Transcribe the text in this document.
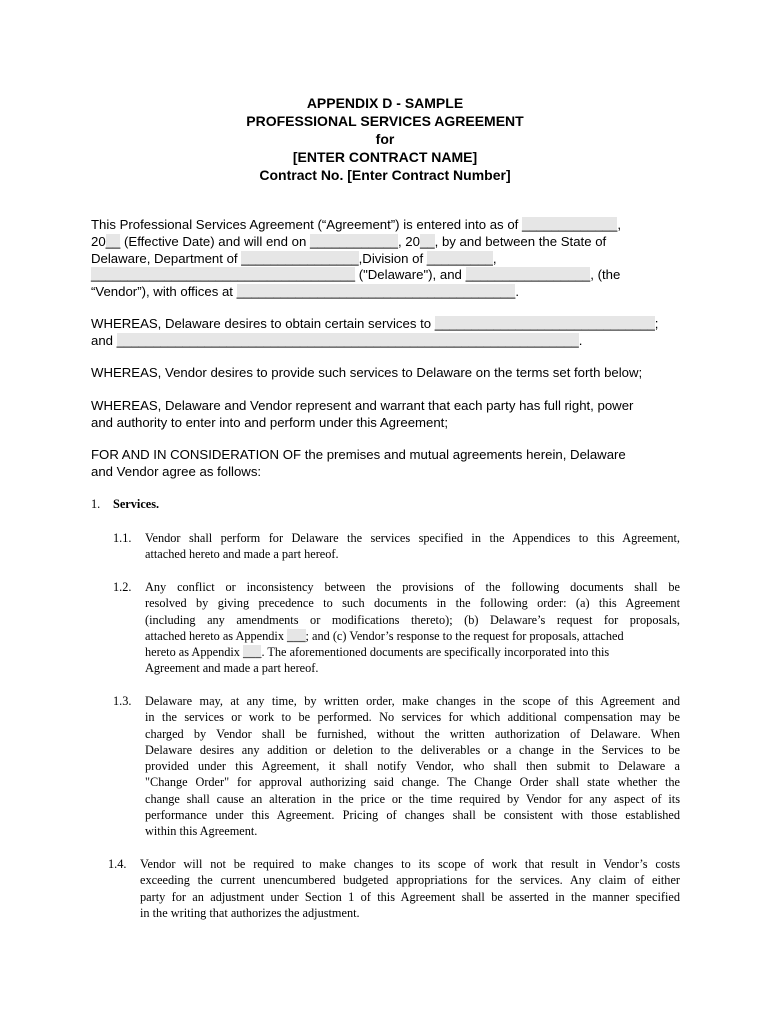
APPENDIX D - SAMPLE
PROFESSIONAL SERVICES AGREEMENT
for
[ENTER CONTRACT NAME]
Contract No. [Enter Contract Number]
This Professional Services Agreement (“Agreement”) is entered into as of _____________,
20__ (Effective Date) and will end on ____________, 20__, by and between the State of
Delaware, Department of ________________,Division of _________,
____________________________________ ("Delaware"), and _________________, (the
“Vendor”), with offices at ______________________________________.
WHEREAS, Delaware desires to obtain certain services to ______________________________;
and _______________________________________________________________.
WHEREAS, Vendor desires to provide such services to Delaware on the terms set forth below;
WHEREAS, Delaware and Vendor represent and warrant that each party has full right, power
and authority to enter into and perform under this Agreement;
FOR AND IN CONSIDERATION OF the premises and mutual agreements herein, Delaware
and Vendor agree as follows:
1. Services.
1.1. Vendor shall perform for Delaware the services specified in the Appendices to this Agreement,
attached hereto and made a part hereof.
1.2. Any conflict or inconsistency between the provisions of the following documents shall be
resolved by giving precedence to such documents in the following order: (a) this Agreement
(including any amendments or modifications thereto); (b) Delaware’s request for proposals,
attached hereto as Appendix ___; and (c) Vendor’s response to the request for proposals, attached
hereto as Appendix ___. The aforementioned documents are specifically incorporated into this
Agreement and made a part hereof.
1.3. Delaware may, at any time, by written order, make changes in the scope of this Agreement and
in the services or work to be performed. No services for which additional compensation may be
charged by Vendor shall be furnished, without the written authorization of Delaware. When
Delaware desires any addition or deletion to the deliverables or a change in the Services to be
provided under this Agreement, it shall notify Vendor, who shall then submit to Delaware a
"Change Order" for approval authorizing said change. The Change Order shall state whether the
change shall cause an alteration in the price or the time required by Vendor for any aspect of its
performance under this Agreement. Pricing of changes shall be consistent with those established
within this Agreement.
1.4. Vendor will not be required to make changes to its scope of work that result in Vendor’s costs
exceeding the current unencumbered budgeted appropriations for the services. Any claim of either
party for an adjustment under Section 1 of this Agreement shall be asserted in the manner specified
in the writing that authorizes the adjustment.
